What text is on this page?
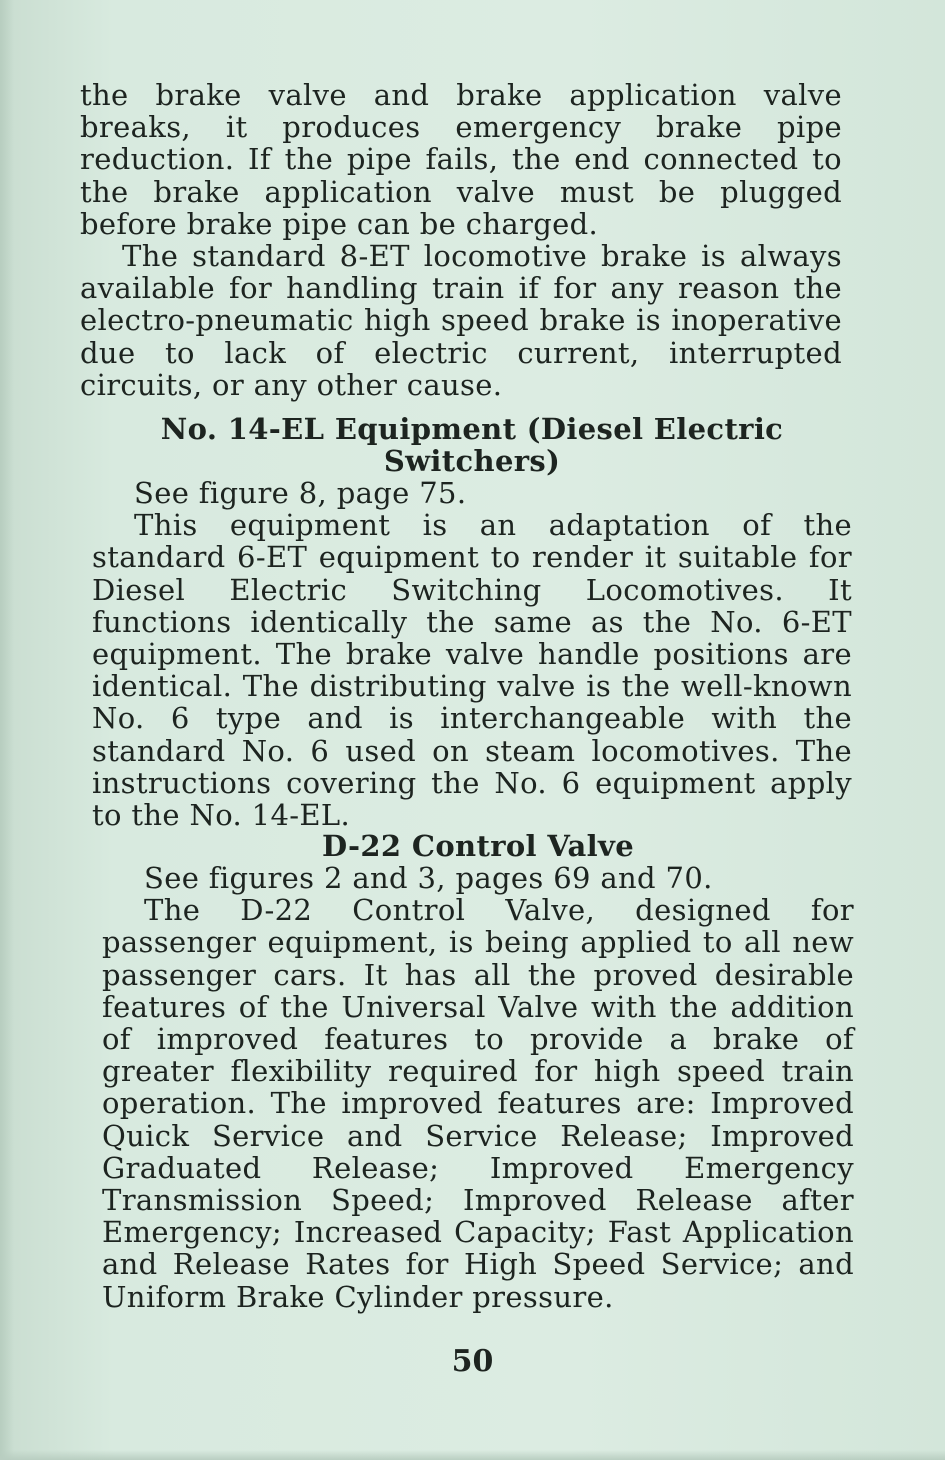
the brake valve and brake application valve breaks, it produces emergency brake pipe reduction. If the pipe fails, the end connected to the brake application valve must be plugged before brake pipe can be charged.

The standard 8-ET locomotive brake is always available for handling train if for any reason the electro-pneumatic high speed brake is inoperative due to lack of electric current, interrupted circuits, or any other cause.

No. 14-EL Equipment (Diesel Electric Switchers)

See figure 8, page 75.

This equipment is an adaptation of the standard 6-ET equipment to render it suitable for Diesel Electric Switching Locomotives. It functions identically the same as the No. 6-ET equipment. The brake valve handle positions are identical. The distributing valve is the well-known No. 6 type and is interchangeable with the standard No. 6 used on steam locomotives. The instructions covering the No. 6 equipment apply to the No. 14-EL.

D-22 Control Valve

See figures 2 and 3, pages 69 and 70.

The D-22 Control Valve, designed for passenger equipment, is being applied to all new passenger cars. It has all the proved desirable features of the Universal Valve with the addition of improved features to provide a brake of greater flexibility required for high speed train operation. The improved features are: Improved Quick Service and Service Release; Improved Graduated Release; Improved Emergency Transmission Speed; Improved Release after Emergency; Increased Capacity; Fast Application and Release Rates for High Speed Service; and Uniform Brake Cylinder pressure.

50
